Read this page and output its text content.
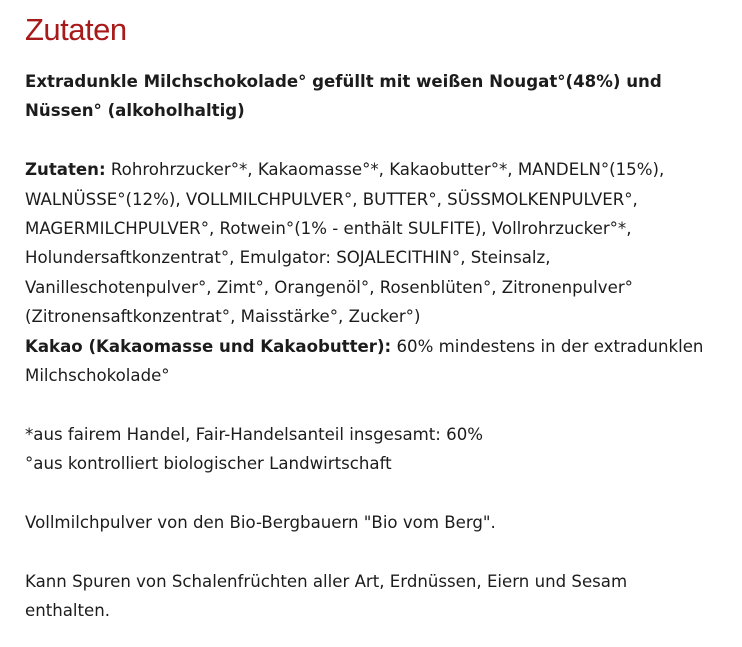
Zutaten

Extradunkle Milchschokolade° gefüllt mit weißen Nougat°(48%) und
Nüssen° (alkoholhaltig)

Zutaten: Rohrohrzucker°*, Kakaomasse°*, Kakaobutter°*, MANDELN°(15%),
WALNÜSSE°(12%), VOLLMILCHPULVER°, BUTTER°, SÜSSMOLKENPULVER°,
MAGERMILCHPULVER°, Rotwein°(1% - enthält SULFITE), Vollrohrzucker°*,
Holundersaftkonzentrat°, Emulgator: SOJALECITHIN°, Steinsalz,
Vanilleschotenpulver°, Zimt°, Orangenöl°, Rosenblüten°, Zitronenpulver°
(Zitronensaftkonzentrat°, Maisstärke°, Zucker°)
Kakao (Kakaomasse und Kakaobutter): 60% mindestens in der extradunklen
Milchschokolade°

*aus fairem Handel, Fair-Handelsanteil insgesamt: 60%
°aus kontrolliert biologischer Landwirtschaft

Vollmilchpulver von den Bio-Bergbauern "Bio vom Berg".

Kann Spuren von Schalenfrüchten aller Art, Erdnüssen, Eiern und Sesam
enthalten.
